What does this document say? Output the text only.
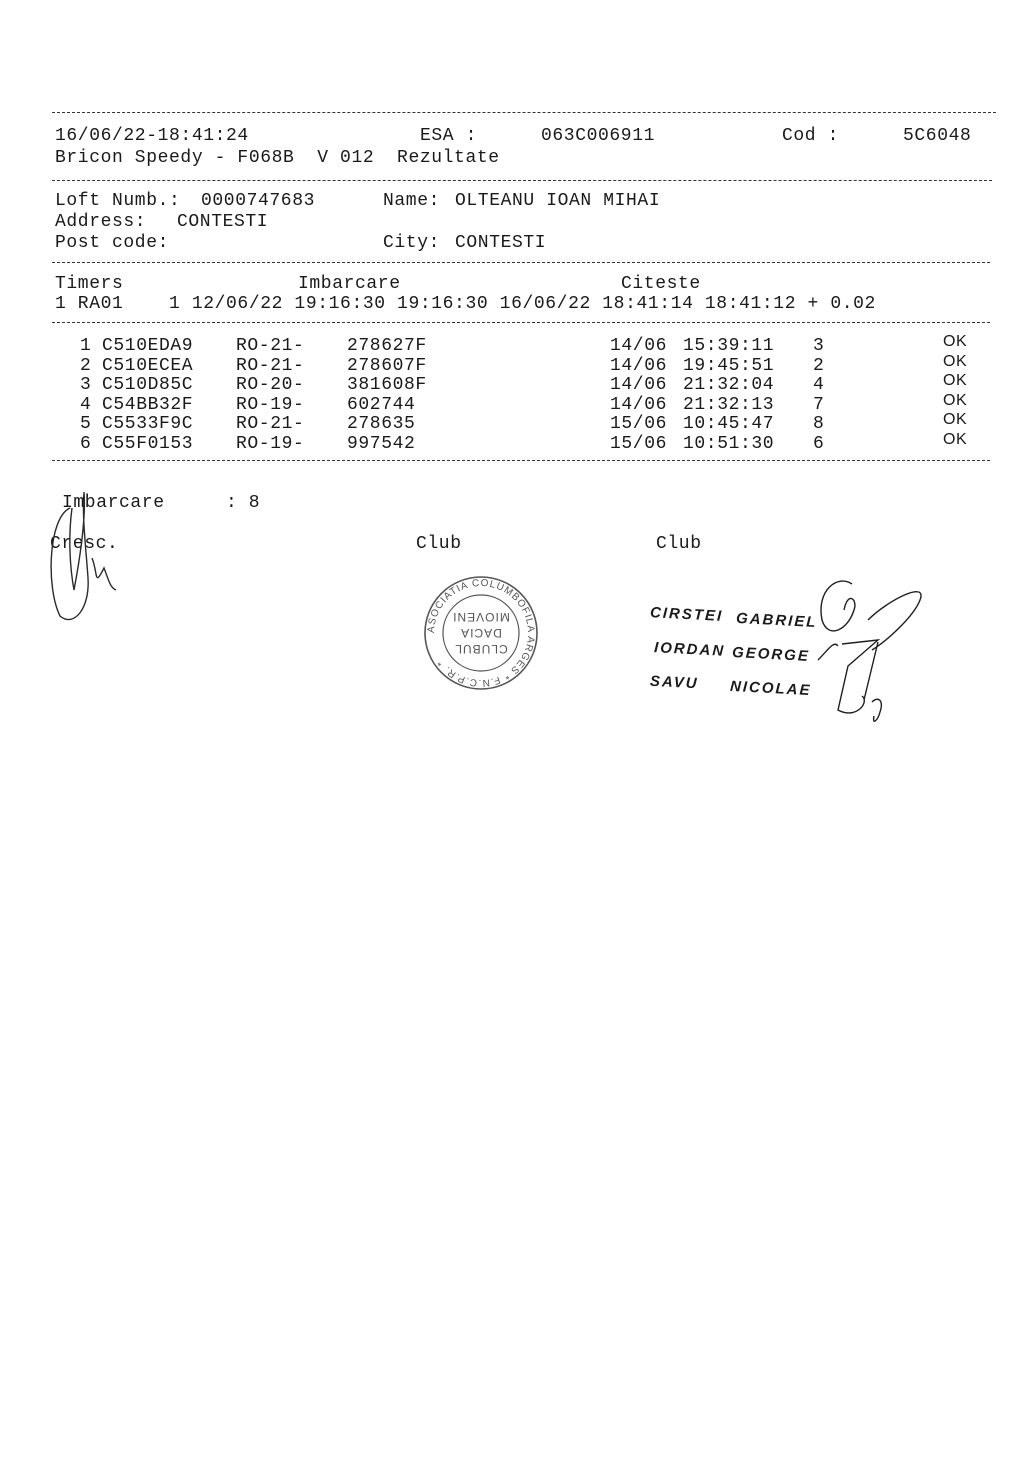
16/06/22-18:41:24	ESA :	063C006911	Cod :	5C6048
Bricon Speedy - F068B  V 012  Rezultate
Loft Numb.: 0000747683	Name: OLTEANU IOAN MIHAI
Address: CONTESTI
Post code:	City: CONTESTI
Timers	Imbarcare	Citeste
1 RA01    1 12/06/22 19:16:30 19:16:30 16/06/22 18:41:14 18:41:12 + 0.02
1 C510EDA9 RO-21- 278627F	14/06 15:39:11 3	OK
2 C510ECEA RO-21- 278607F	14/06 19:45:51 2	OK
3 C510D85C RO-20- 381608F	14/06 21:32:04 4	OK
4 C54BB32F RO-19- 602744	14/06 21:32:13 7	OK
5 C5533F9C RO-21- 278635	15/06 10:45:47 8	OK
6 C55F0153 RO-19- 997542	15/06 10:51:30 6	OK
Imbarcare	: 8
Cresc.	Club	Club
ASOCIATIA COLUMBOFILA ARGES * F.N.C.P.R. *
CLUBUL
DACIA
MIOVENI	CIRSTEI GABRIEL
IORDAN GEORGE
SAVU NICOLAE
